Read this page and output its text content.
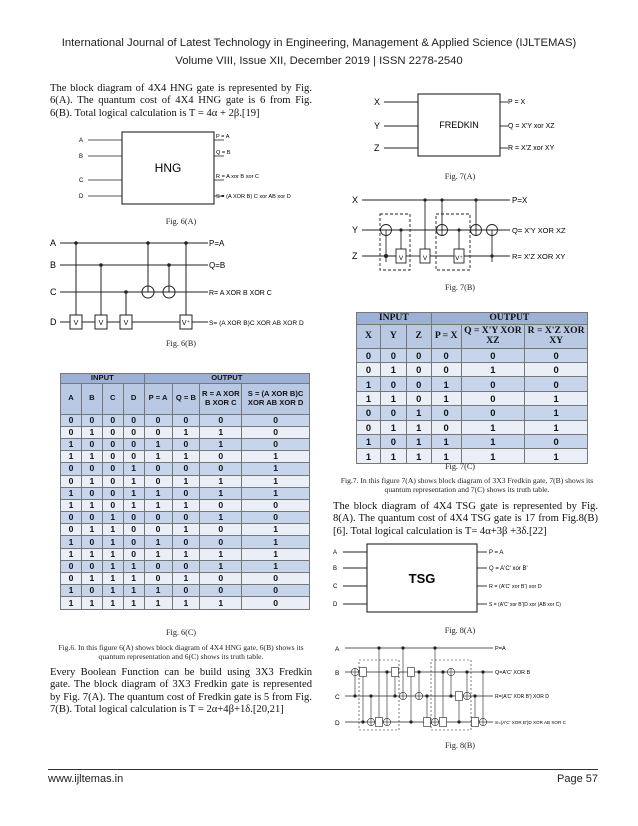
International Journal of Latest Technology in Engineering, Management & Applied Science (IJLTEMAS)
Volume VIII, Issue XII, December 2019 | ISSN 2278-2540
The block diagram of 4X4 HNG gate is represented by Fig. 6(A). The quantum cost of 4X4 HNG gate is 6 from Fig. 6(B). Total logical calculation is T = 4α + 2β.[19]
A
B
C
D
HNG
P = A
Q = B
R = A xor B xor C
S = (A XOR B) C xor AB xor D
Fig. 6(A)
A
B
C
D V	V	V	V⁺
P=A
Q=B
R= A XOR B XOR C
S= (A XOR B)C XOR AB XOR D
Fig. 6(B)
INPUT				OUTPUT			
A	B	C	D	P = A	Q = B	R = A XOR B XOR C	S = (A XOR B)C XOR AB XOR D
0	0	0	0	0	0	0	0
0	1	0	0	0	1	1	0
1	0	0	0	1	0	1	0
1	1	0	0	1	1	0	1
0	0	0	1	0	0	0	1
0	1	0	1	0	1	1	1
1	0	0	1	1	0	1	1
1	1	0	1	1	1	0	0
0	0	1	0	0	0	1	0
0	1	1	0	0	1	0	1
1	0	1	0	1	0	0	1
1	1	1	0	1	1	1	1
0	0	1	1	0	0	1	1
0	1	1	1	0	1	0	0
1	0	1	1	1	0	0	0
1	1	1	1	1	1	1	0
Fig. 6(C)
Fig.6. In this figure 6(A) shows block diagram of 4X4 HNG gate, 6(B) shows its quantum representation and 6(C) shows its truth table.
Every Boolean Function can be build using 3X3 Fredkin gate. The block diagram of 3X3 Fredkin gate is represented by Fig. 7(A). The quantum cost of Fredkin gate is 5 from Fig. 7(B). Total logical calculation is T = 2α+4β+1δ.[20,21]
X
Y
Z
FREDKIN
P = X
Q = X'Y xor XZ
R = X'Z xor XY
Fig. 7(A)
X
Y
Z	V	V	V⁺
P=X
Q= X'Y XOR XZ
R= X'Z XOR XY
Fig. 7(B)
INPUT			OUTPUT		
X	Y	Z	P = X	Q = X'Y XOR XZ	R = X'Z XOR XY
0	0	0	0	0	0
0	1	0	0	1	0
1	0	0	1	0	0
1	1	0	1	0	1
0	0	1	0	0	1
0	1	1	0	1	1
1	0	1	1	1	0
1	1	1	1	1	1
Fig. 7(C)
Fig.7. In this figure 7(A) shows block diagram of 3X3 Fredkin gate, 7(B) shows its quantum representation and 7(C) shows its truth table.
The block diagram of 4X4 TSG gate is represented by Fig. 8(A). The quantum cost of 4X4 TSG gate is 17 from Fig.8(B)[6]. Total logical calculation is T= 4α+3β +3δ.[22]
A
B
C
D
TSG
P = A
Q = A'C' xor B'
R = (A'C' xor B') xor D
S = (A'C' xor B')D xor (AB xor C)
Fig. 8(A)
A
B
C
D
P=A
Q=A'C' XOR B
R=(A'C' XOR B') XOR D
S=(A'C' XOR B')D XOR AB XOR C
Fig. 8(B)
www.ijltemas.in	Page 57
